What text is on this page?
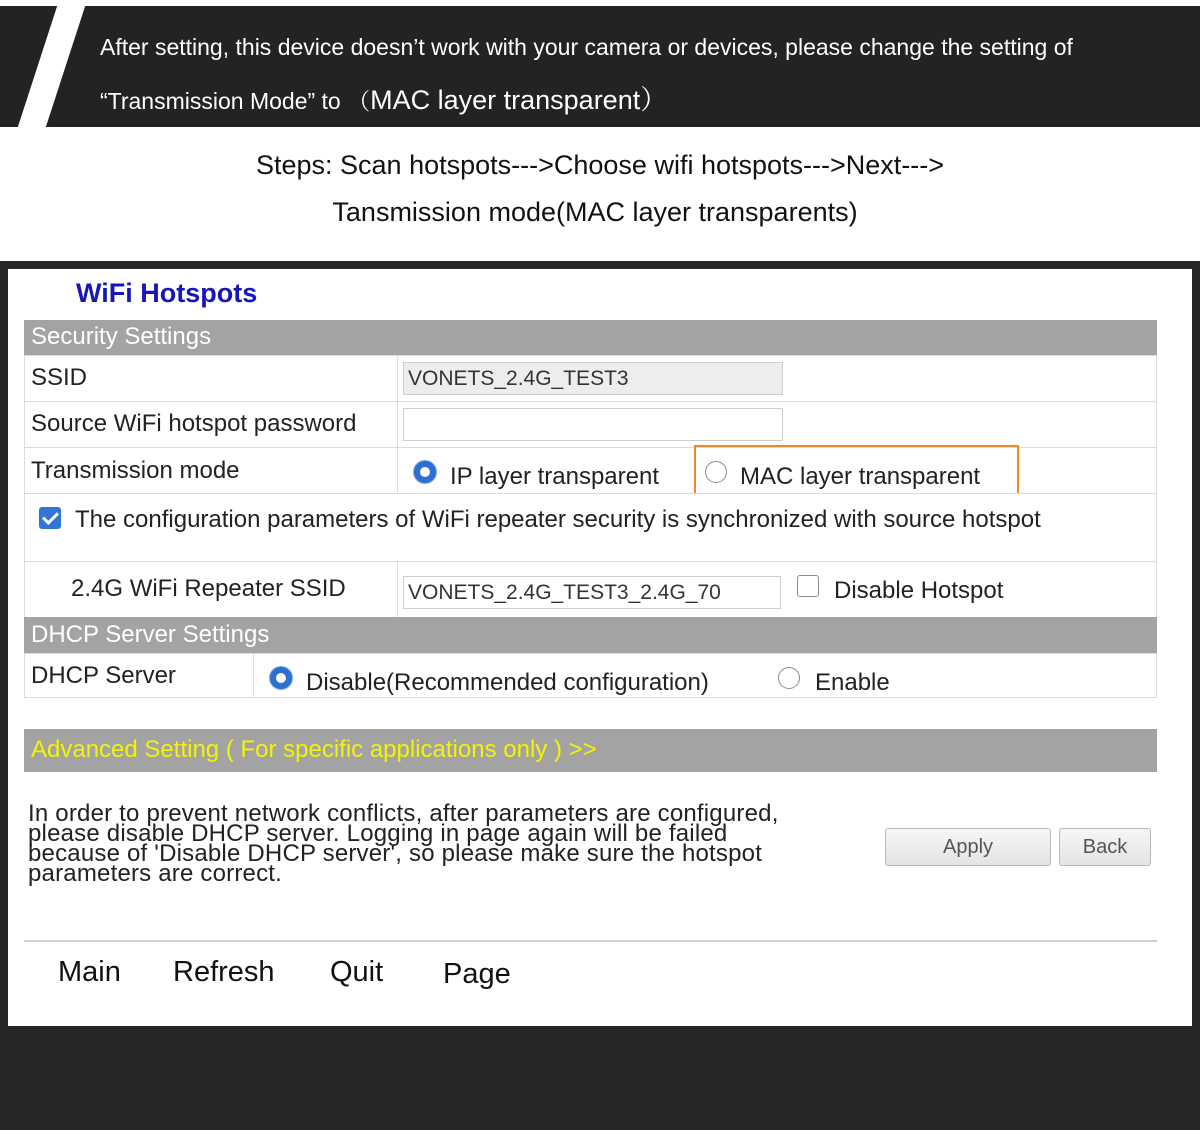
After setting, this device doesn’t work with your camera or devices, please change the setting of
“Transmission Mode” to （MAC layer transparent）
Steps: Scan hotspots--->Choose wifi hotspots--->Next--->
Tansmission mode(MAC layer transparents)
WiFi Hotspots
Security Settings
SSID	VONETS_2.4G_TEST3
Source WiFi hotspot password
Transmission mode	IP layer transparent	MAC layer transparent
The configuration parameters of WiFi repeater security is synchronized with source hotspot
2.4G WiFi Repeater SSID	VONETS_2.4G_TEST3_2.4G_70	Disable Hotspot
DHCP Server Settings
DHCP Server	Disable(Recommended configuration)	Enable
Advanced Setting ( For specific applications only ) >>
In order to prevent network conflicts, after parameters are configured, please disable DHCP server. Logging in page again will be failed because of 'Disable DHCP server', so please make sure the hotspot parameters are correct.
Apply	Back
Main Refresh Quit Page
